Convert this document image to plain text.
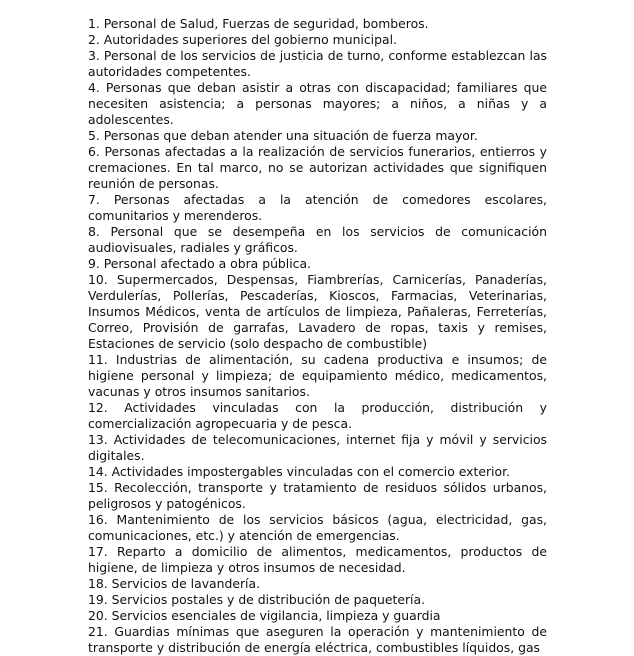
1. Personal de Salud, Fuerzas de seguridad, bomberos.

2. Autoridades superiores del gobierno municipal.

3. Personal de los servicios de justicia de turno, conforme establezcan las autoridades competentes.

4. Personas que deban asistir a otras con discapacidad; familiares que necesiten asistencia; a personas mayores; a niños, a niñas y a adolescentes.

5. Personas que deban atender una situación de fuerza mayor.

6. Personas afectadas a la realización de servicios funerarios, entierros y cremaciones. En tal marco, no se autorizan actividades que signifiquen reunión de personas.

7. Personas afectadas a la atención de comedores escolares, comunitarios y merenderos.

8. Personal que se desempeña en los servicios de comunicación audiovisuales, radiales y gráficos.

9. Personal afectado a obra pública.

10. Supermercados, Despensas, Fiambrerías, Carnicerías, Panaderías, Verdulerías, Pollerías, Pescaderías, Kioscos, Farmacias, Veterinarias, Insumos Médicos, venta de artículos de limpieza, Pañaleras, Ferreterías, Correo, Provisión de garrafas, Lavadero de ropas, taxis y remises, Estaciones de servicio (solo despacho de combustible)

11. Industrias de alimentación, su cadena productiva e insumos; de higiene personal y limpieza; de equipamiento médico, medicamentos, vacunas y otros insumos sanitarios.

12. Actividades vinculadas con la producción, distribución y comercialización agropecuaria y de pesca.

13. Actividades de telecomunicaciones, internet fija y móvil y servicios digitales.

14. Actividades impostergables vinculadas con el comercio exterior.

15. Recolección, transporte y tratamiento de residuos sólidos urbanos, peligrosos y patogénicos.

16. Mantenimiento de los servicios básicos (agua, electricidad, gas, comunicaciones, etc.) y atención de emergencias.

17. Reparto a domicilio de alimentos, medicamentos, productos de higiene, de limpieza y otros insumos de necesidad.

18. Servicios de lavandería.

19. Servicios postales y de distribución de paquetería.

20. Servicios esenciales de vigilancia, limpieza y guardia

21. Guardias mínimas que aseguren la operación y mantenimiento de transporte y distribución de energía eléctrica, combustibles líquidos, gas
